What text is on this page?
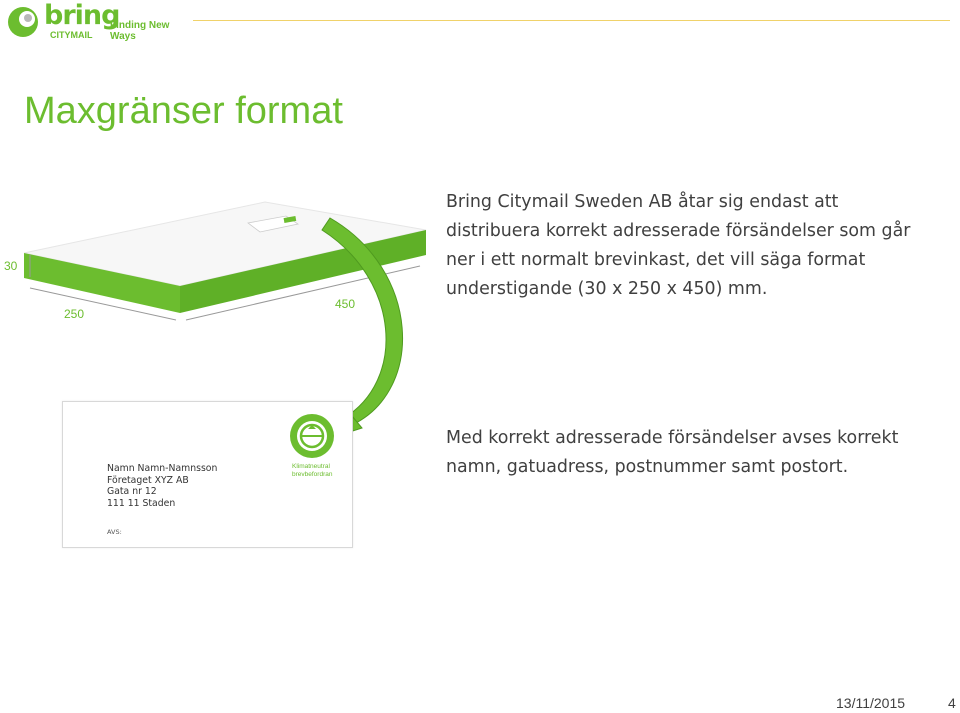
bring
CITYMAIL
Finding New Ways
Maxgränser format
30
250
450
Klimatneutral
brevbefordran
Namn Namn-Namnsson
Företaget XYZ AB
Gata nr 12
111 11 Staden
AVS:
Bring Citymail Sweden AB åtar sig endast att distribuera korrekt adresserade försändelser som går ner i ett normalt brevinkast, det vill säga format understigande (30 x 250 x 450) mm.
Med korrekt adresserade försändelser avses korrekt namn, gatuadress, postnummer samt postort.
13/11/2015	4
